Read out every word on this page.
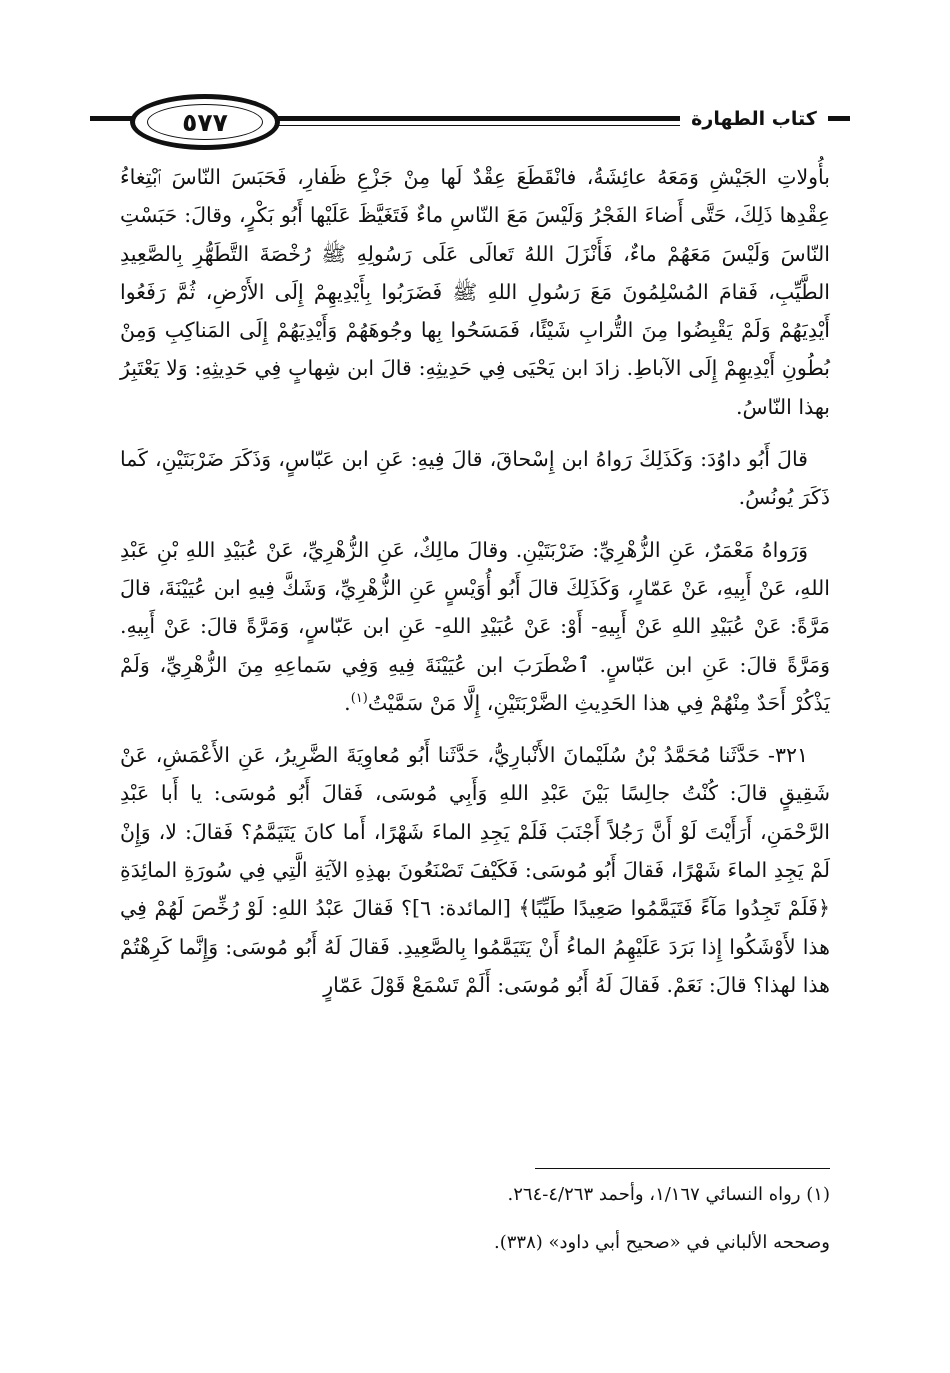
٥٧٧	كتاب الطهارة

بأُولاتِ الجَيْشِ وَمَعَهُ عائِشَةُ، فانْقَطَعَ عِقْدٌ لَها مِنْ جَزْعِ ظَفارِ، فَحَبَسَ النّاسَ ٱبْتِغاءُ عِقْدِها ذَلِكَ، حَتَّى أَضاءَ الفَجْرُ وَلَيْسَ مَعَ النّاسِ ماءٌ فَتَغَيَّظَ عَلَيْها أَبُو بَكْرٍ، وقالَ: حَبَسْتِ النّاسَ وَلَيْسَ مَعَهُمْ ماءٌ، فَأَنْزَلَ اللهُ تَعالَى عَلَى رَسُولِهِ ﷺ رُخْصَةَ التَّطَهُّرِ بِالصَّعِيدِ الطَّيِّبِ، فَقامَ المُسْلِمُونَ مَعَ رَسُولِ اللهِ ﷺ فَضَرَبُوا بِأَيْدِيهِمْ إِلَى الأَرْضِ، ثُمَّ رَفَعُوا أَيْدِيَهُمْ وَلَمْ يَقْبِضُوا مِنَ التُّرابِ شَيْئًا، فَمَسَحُوا بِها وجُوهَهُمْ وَأَيْدِيَهُمْ إِلَى المَناكِبِ وَمِنْ بُطُونِ أَيْدِيهِمْ إِلَى الآباطِ. زادَ ابن يَحْيَى فِي حَدِيثِهِ: قالَ ابن شِهابٍ فِي حَدِيثِهِ: وَلا يَعْتَبِرُ بهذا النّاسُ.

قالَ أَبُو داوُدَ: وَكَذَلِكَ رَواهُ ابن إِسْحاقَ، قالَ فِيهِ: عَنِ ابن عَبّاسٍ، وَذَكَرَ ضَرْبَتَيْنِ، كَما ذَكَرَ يُونُسُ.

وَرَواهُ مَعْمَرٌ، عَنِ الزُّهْرِيِّ: ضَرْبَتَيْنِ. وقالَ مالِكٌ، عَنِ الزُّهْرِيِّ، عَنْ عُبَيْدِ اللهِ بْنِ عَبْدِ اللهِ، عَنْ أَبِيهِ، عَنْ عَمّارٍ، وَكَذَلِكَ قالَ أَبُو أُوَيْسٍ عَنِ الزُّهْرِيِّ، وَشَكَّ فِيهِ ابن عُيَيْنَةَ، قالَ مَرَّةً: عَنْ عُبَيْدِ اللهِ عَنْ أَبِيهِ- أَوْ: عَنْ عُبَيْدِ اللهِ- عَنِ ابن عَبّاسٍ، وَمَرَّةً قالَ: عَنْ أَبِيهِ. وَمَرَّةً قالَ: عَنِ ابن عَبّاسٍ. ٱضْطَرَبَ ابن عُيَيْنَةَ فِيهِ وَفِي سَماعِهِ مِنَ الزُّهْرِيِّ، وَلَمْ يَذْكُرْ أَحَدٌ مِنْهُمْ فِي هذا الحَدِيثِ الضَّرْبَتَيْنِ، إِلَّا مَنْ سَمَّيْتُ$^{(١)}$.

٣٢١- حَدَّثَنا مُحَمَّدُ بْنُ سُلَيْمانَ الأَنْبارِيُّ، حَدَّثَنا أَبُو مُعاوِيَةَ الضَّرِيرُ، عَنِ الأَعْمَشِ، عَنْ شَقِيقٍ قالَ: كُنْتُ جالِسًا بَيْنَ عَبْدِ اللهِ وَأَبِي مُوسَى، فَقالَ أَبُو مُوسَى: يا أَبا عَبْدِ الرَّحْمَنِ، أَرَأَيْتَ لَوْ أَنَّ رَجُلاً أَجْنَبَ فَلَمْ يَجِدِ الماءَ شَهْرًا، أَما كانَ يَتَيَمَّمُ؟ فَقالَ: لا، وَإِنْ لَمْ يَجِدِ الماءَ شَهْرًا، فَقالَ أَبُو مُوسَى: فَكَيْفَ تَصْنَعُونَ بهذِهِ الآيَةِ الَّتِي فِي سُورَةِ المائِدَةِ ﴿فَلَمْ تَجِدُوا مَآءً فَتَيَمَّمُوا صَعِيدًا طَيِّبًا﴾ [المائدة: ٦]؟ فَقالَ عَبْدُ اللهِ: لَوْ رُخِّصَ لَهُمْ فِي هذا لأَوْشَكُوا إِذا بَرَدَ عَلَيْهِمُ الماءُ أَنْ يَتَيَمَّمُوا بِالصَّعِيدِ. فَقالَ لَهُ أَبُو مُوسَى: وَإِنَّما كَرِهْتُمْ هذا لهذا؟ قالَ: نَعَمْ. فَقالَ لَهُ أَبُو مُوسَى: أَلَمْ تَسْمَعْ قَوْلَ عَمّارٍ

(١) رواه النسائي ١/١٦٧، وأحمد ٤/٢٦٣-٢٦٤.

وصححه الألباني في «صحيح أبي داود» (٣٣٨).
